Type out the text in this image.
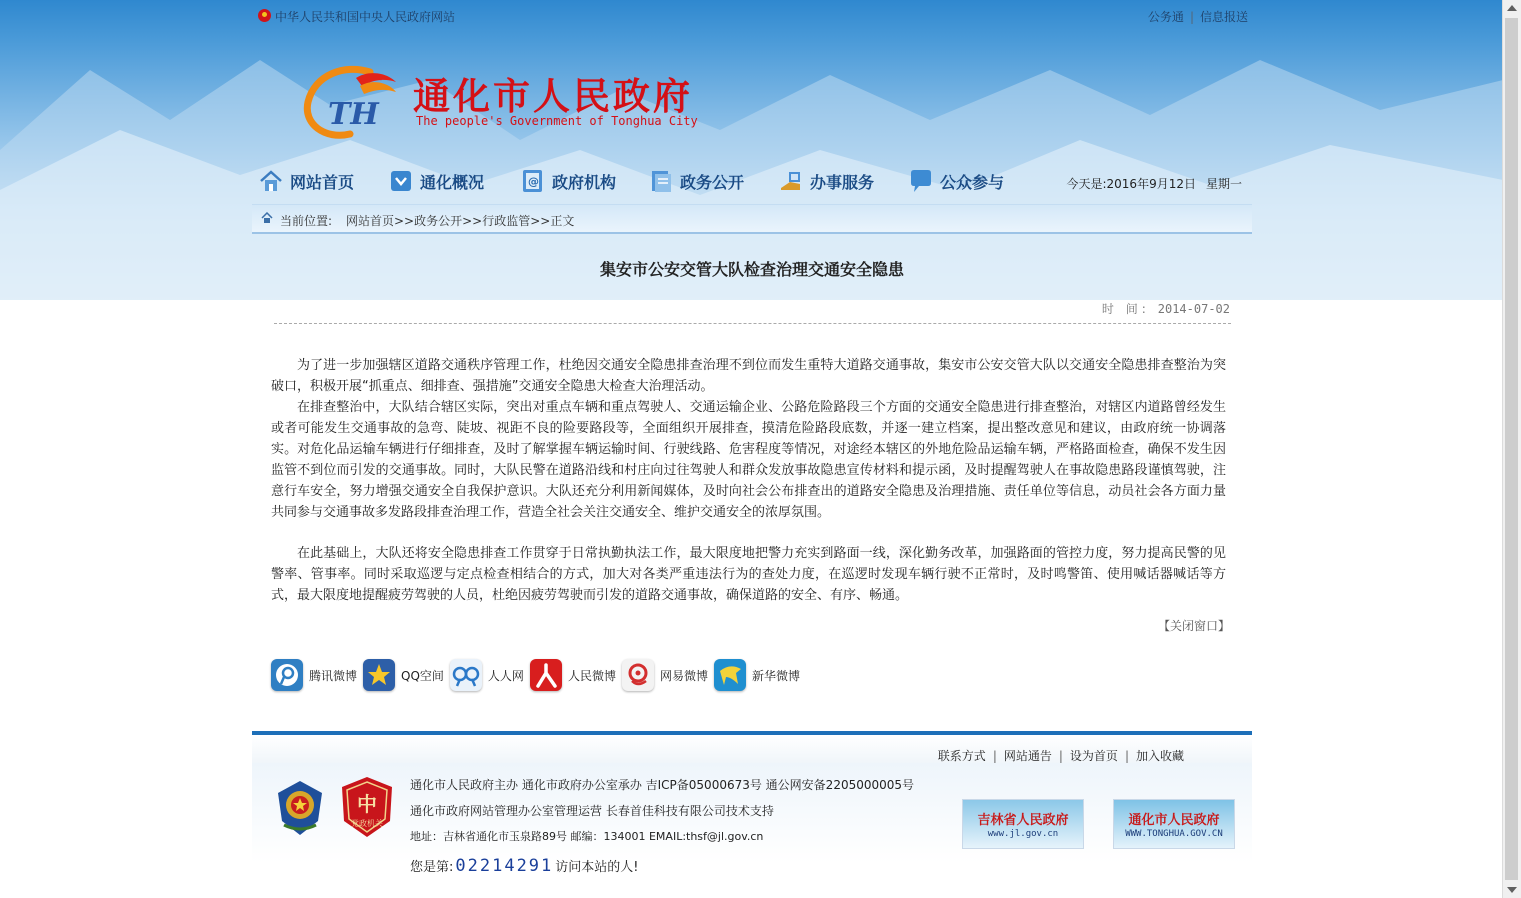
中华人民共和国中央人民政府网站	公务通 | 信息报送
TH 通化市人民政府
The people's Government of Tonghua City
网站首页	通化概况	@ 政府机构	政务公开	办事服务	公众参与	今天是:2016年9月12日 星期一
当前位置: 网站首页>>政务公开>>行政监管>>正文
集安市公安交管大队检查治理交通安全隐患
时 间: 2014-07-02

为了进一步加强辖区道路交通秩序管理工作，杜绝因交通安全隐患排查治理不到位而发生重特大道路交通事故，集安市公安交管大队以交通安全隐患排查整治为突破口，积极开展“抓重点、细排查、强措施”交通安全隐患大检查大治理活动。

在排查整治中，大队结合辖区实际，突出对重点车辆和重点驾驶人、交通运输企业、公路危险路段三个方面的交通安全隐患进行排查整治，对辖区内道路曾经发生或者可能发生交通事故的急弯、陡坡、视距不良的险要路段等，全面组织开展排查，摸清危险路段底数，并逐一建立档案，提出整改意见和建议，由政府统一协调落实。对危化品运输车辆进行仔细排查，及时了解掌握车辆运输时间、行驶线路、危害程度等情况，对途经本辖区的外地危险品运输车辆，严格路面检查，确保不发生因监管不到位而引发的交通事故。同时，大队民警在道路沿线和村庄向过往驾驶人和群众发放事故隐患宣传材料和提示函，及时提醒驾驶人在事故隐患路段谨慎驾驶，注意行车安全，努力增强交通安全自我保护意识。大队还充分利用新闻媒体，及时向社会公布排查出的道路安全隐患及治理措施、责任单位等信息，动员社会各方面力量共同参与交通事故多发路段排查治理工作，营造全社会关注交通安全、维护交通安全的浓厚氛围。

在此基础上，大队还将安全隐患排查工作贯穿于日常执勤执法工作，最大限度地把警力充实到路面一线，深化勤务改革，加强路面的管控力度，努力提高民警的见警率、管事率。同时采取巡逻与定点检查相结合的方式，加大对各类严重违法行为的查处力度，在巡逻时发现车辆行驶不正常时，及时鸣警笛、使用喊话器喊话等方式，最大限度地提醒疲劳驾驶的人员，杜绝因疲劳驾驶而引发的道路交通事故，确保道路的安全、有序、畅通。

【关闭窗口】
腾讯微博	QQ空间	人人网	人民微博	网易微博	新华微博
联系方式 | 网站通告 | 设为首页 | 加入收藏
中
党政机关
通化市人民政府主办 通化市政府办公室承办 吉ICP备05000673号 通公网安备2205000005号
通化市政府网站管理办公室管理运营 长春首佳科技有限公司技术支持
地址：吉林省通化市玉泉路89号 邮编：134001 EMAIL:thsf@jl.gov.cn
您是第: 02214291 访问本站的人!
吉林省人民政府
www.jl.gov.cn
通化市人民政府
WWW.TONGHUA.GOV.CN
